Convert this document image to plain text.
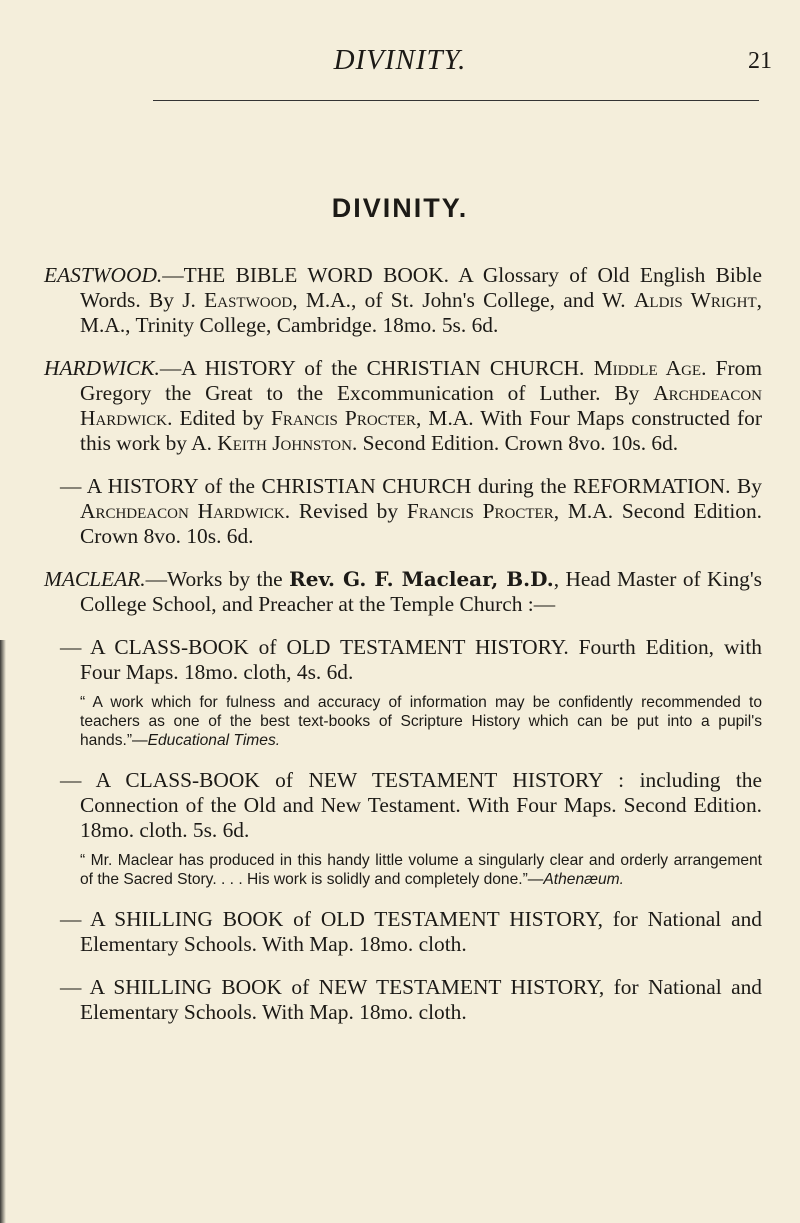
DIVINITY.	21
DIVINITY.

EASTWOOD.—THE BIBLE WORD BOOK. A Glossary of Old English Bible Words. By J. Eastwood, M.A., of St. John's College, and W. Aldis Wright, M.A., Trinity College, Cambridge. 18mo. 5s. 6d.

HARDWICK.—A HISTORY of the CHRISTIAN CHURCH. Middle Age. From Gregory the Great to the Excommunication of Luther. By Archdeacon Hardwick. Edited by Francis Procter, M.A. With Four Maps constructed for this work by A. Keith Johnston. Second Edition. Crown 8vo. 10s. 6d.

— A HISTORY of the CHRISTIAN CHURCH during the REFORMATION. By Archdeacon Hardwick. Revised by Francis Procter, M.A. Second Edition. Crown 8vo. 10s. 6d.

MACLEAR.—Works by the Rev. G. F. Maclear, B.D., Head Master of King's College School, and Preacher at the Temple Church :—

— A CLASS-BOOK of OLD TESTAMENT HISTORY. Fourth Edition, with Four Maps. 18mo. cloth, 4s. 6d.

“ A work which for fulness and accuracy of information may be confidently recommended to teachers as one of the best text-books of Scripture History which can be put into a pupil's hands.”—Educational Times.

— A CLASS-BOOK of NEW TESTAMENT HISTORY : including the Connection of the Old and New Testament. With Four Maps. Second Edition. 18mo. cloth. 5s. 6d.

“ Mr. Maclear has produced in this handy little volume a singularly clear and orderly arrangement of the Sacred Story. . . . His work is solidly and completely done.”—Athenæum.

— A SHILLING BOOK of OLD TESTAMENT HISTORY, for National and Elementary Schools. With Map. 18mo. cloth.

— A SHILLING BOOK of NEW TESTAMENT HISTORY, for National and Elementary Schools. With Map. 18mo. cloth.
